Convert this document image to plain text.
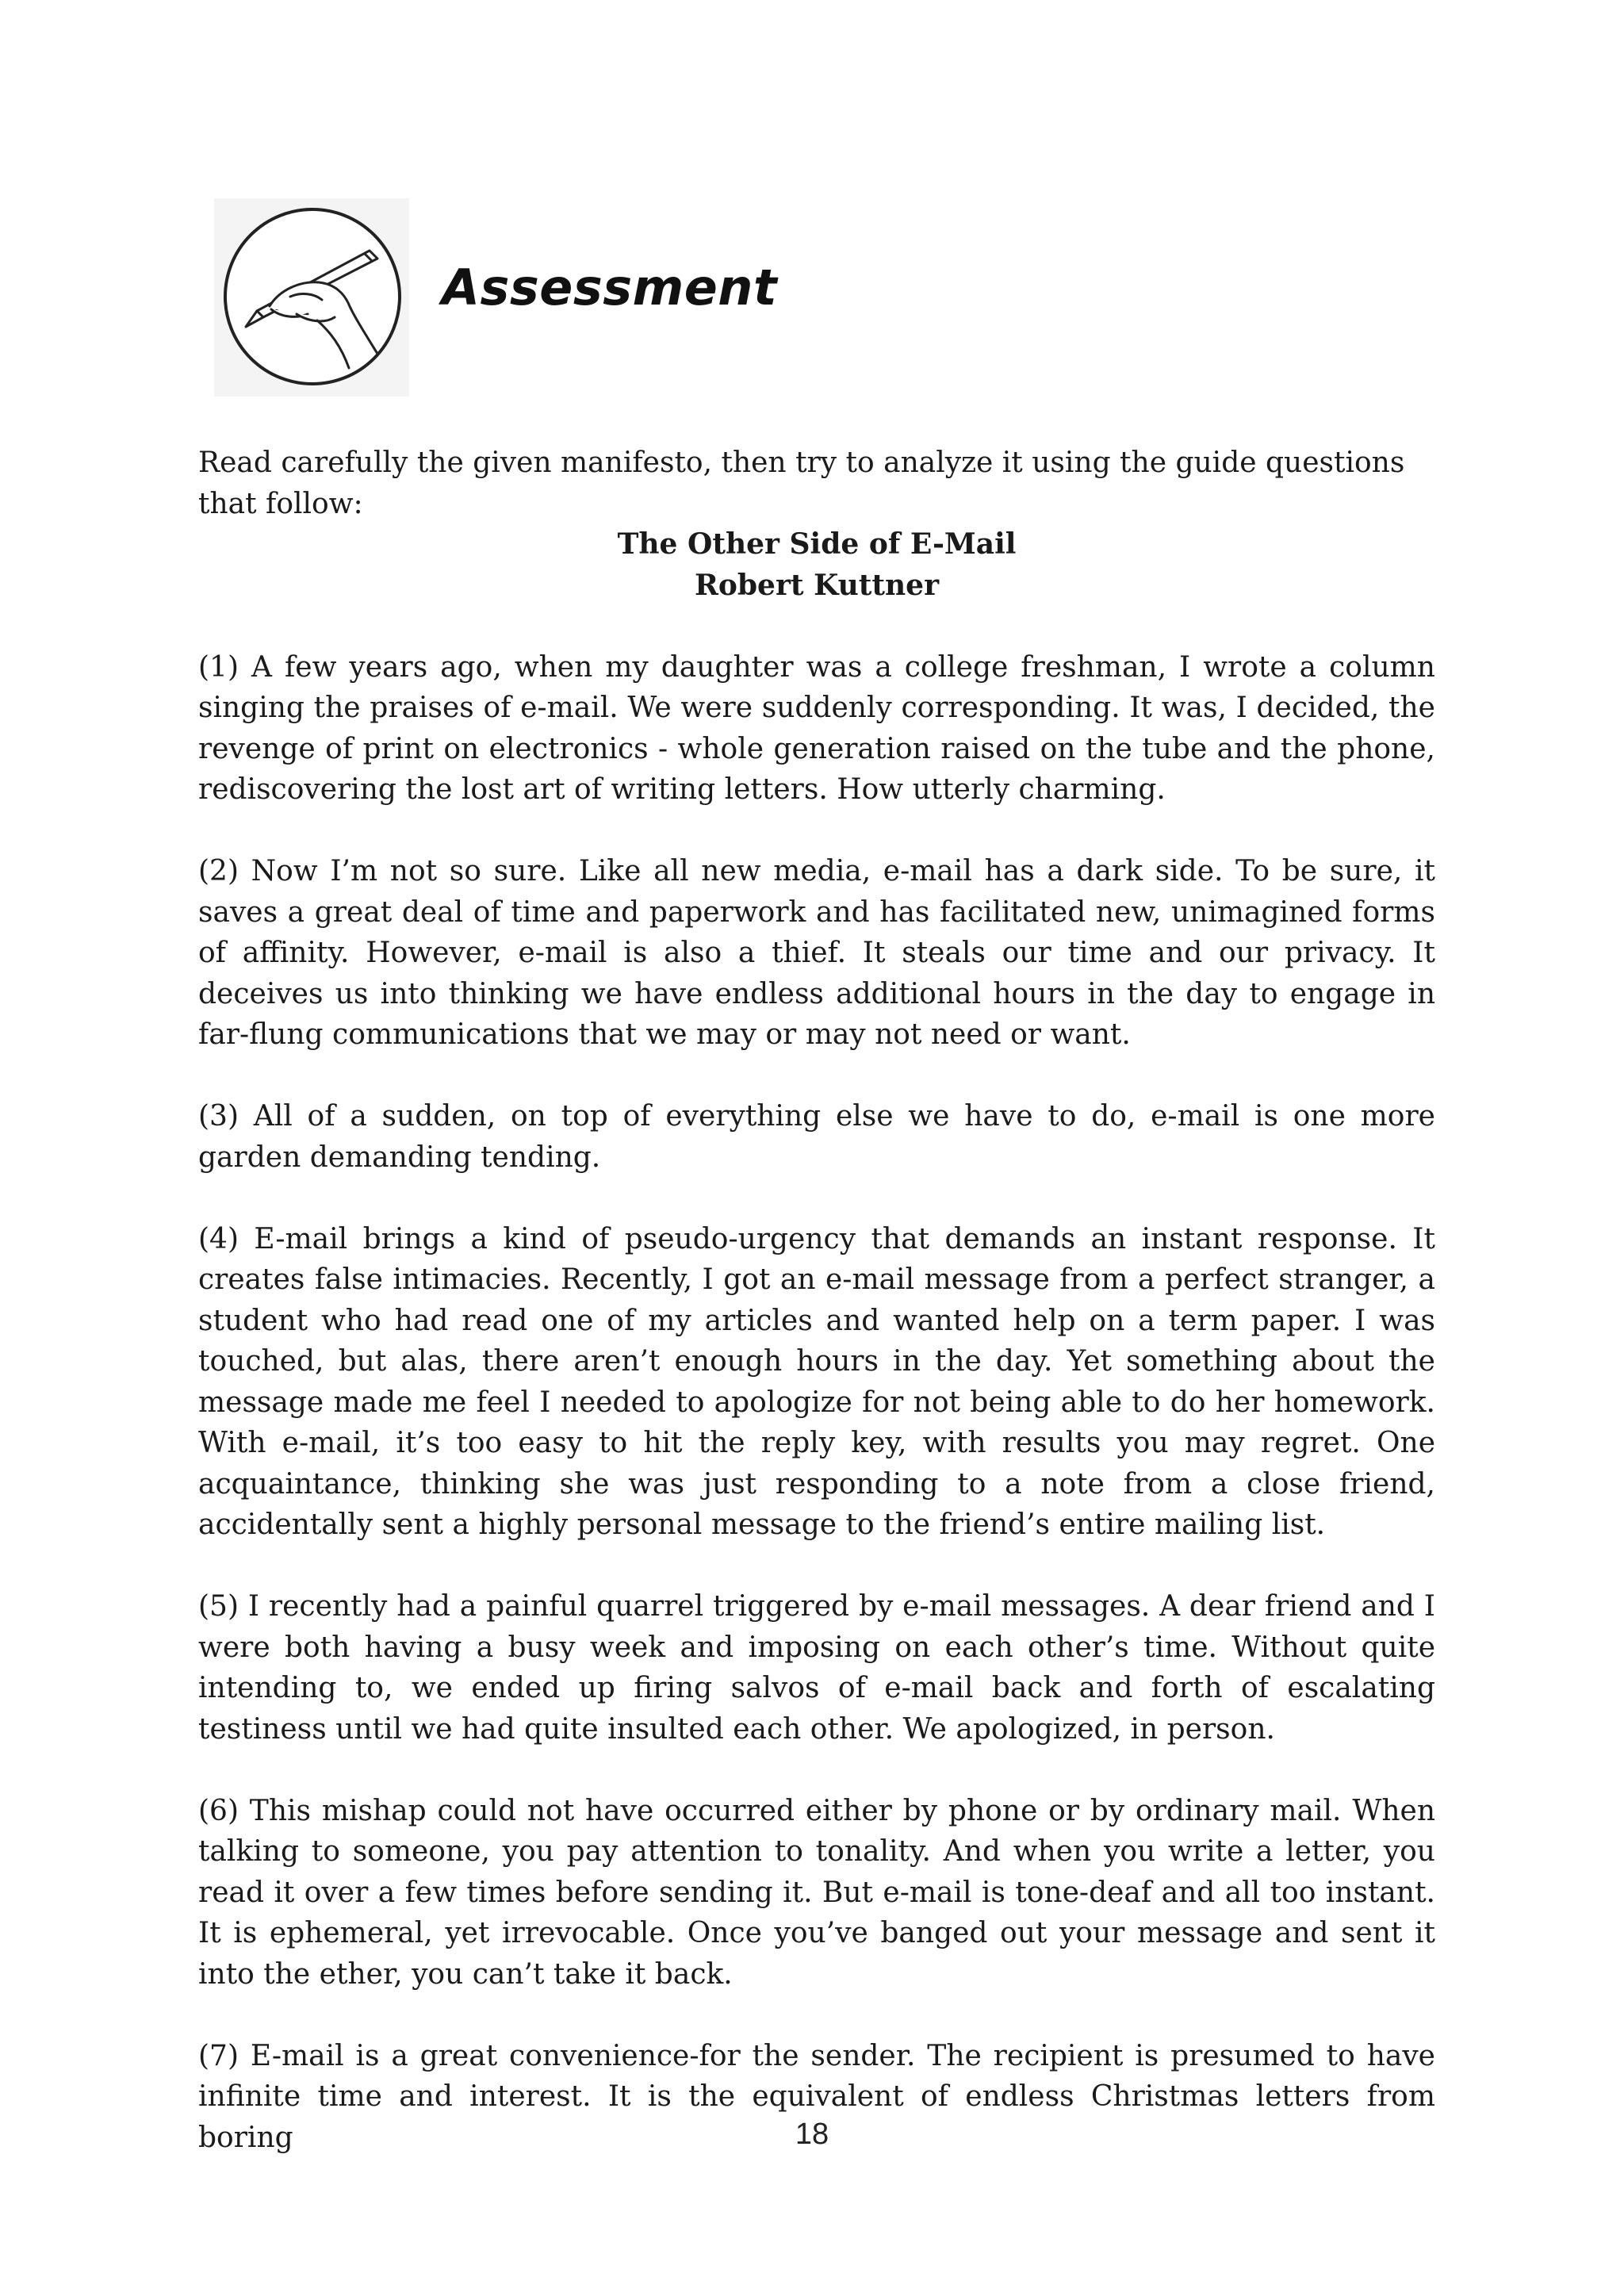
Assessment

Read carefully the given manifesto, then try to analyze it using the guide questions that follow:

The Other Side of E-Mail

Robert Kuttner

(1) A few years ago, when my daughter was a college freshman, I wrote a column singing the praises of e-mail. We were suddenly corresponding. It was, I decided, the revenge of print on electronics - whole generation raised on the tube and the phone, rediscovering the lost art of writing letters. How utterly charming.

(2) Now I’m not so sure. Like all new media, e-mail has a dark side. To be sure, it saves a great deal of time and paperwork and has facilitated new, unimagined forms of affinity. However, e-mail is also a thief. It steals our time and our privacy. It deceives us into thinking we have endless additional hours in the day to engage in far-flung communications that we may or may not need or want.

(3) All of a sudden, on top of everything else we have to do, e-mail is one more garden demanding tending.

(4) E-mail brings a kind of pseudo-urgency that demands an instant response. It creates false intimacies. Recently, I got an e-mail message from a perfect stranger, a student who had read one of my articles and wanted help on a term paper. I was touched, but alas, there aren’t enough hours in the day. Yet something about the message made me feel I needed to apologize for not being able to do her homework. With e-mail, it’s too easy to hit the reply key, with results you may regret. One acquaintance, thinking she was just responding to a note from a close friend, accidentally sent a highly personal message to the friend’s entire mailing list.

(5) I recently had a painful quarrel triggered by e-mail messages. A dear friend and I were both having a busy week and imposing on each other’s time. Without quite intending to, we ended up firing salvos of e-mail back and forth of escalating testiness until we had quite insulted each other. We apologized, in person.

(6) This mishap could not have occurred either by phone or by ordinary mail. When talking to someone, you pay attention to tonality. And when you write a letter, you read it over a few times before sending it. But e-mail is tone-deaf and all too instant. It is ephemeral, yet irrevocable. Once you’ve banged out your message and sent it into the ether, you can’t take it back.

(7) E-mail is a great convenience-for the sender. The recipient is presumed to have infinite time and interest. It is the equivalent of endless Christmas letters from boring	18
